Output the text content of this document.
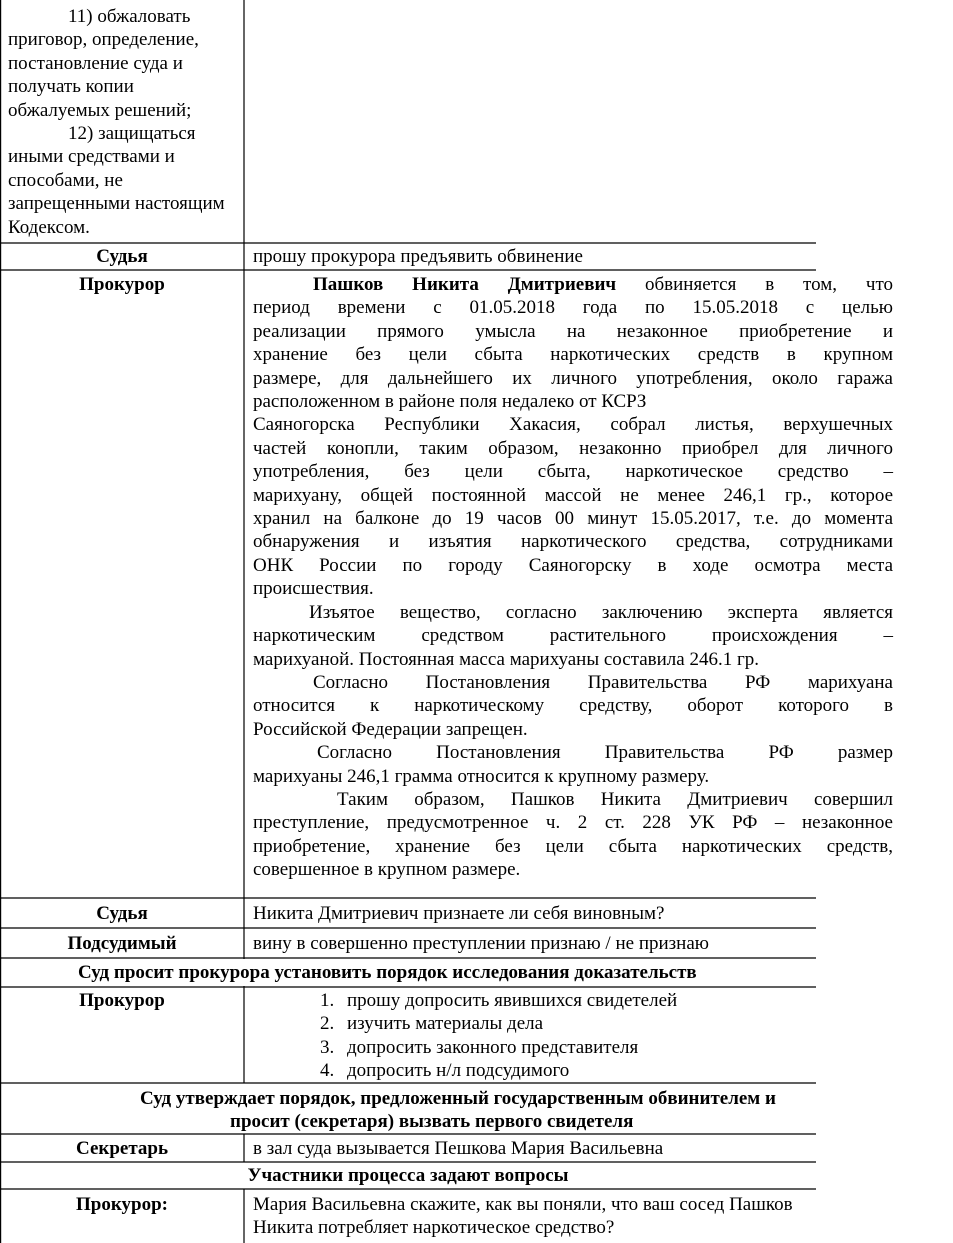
11) обжаловать приговор, определение, постановление суда и получать копии обжалуемых решений;

12) защищаться иными средствами и способами, не запрещенными настоящим Кодексом.

Судья	прошу прокурора предъявить обвинение
Прокурор	Пашков Никита Дмитриевич обвиняется в том, что
период времени с 01.05.2018 года по 15.05.2018 с целью
реализации прямого умысла на незаконное приобретение и
хранение без цели сбыта наркотических средств в крупном
размере, для дальнейшего их личного употребления, около гаража
расположенном в районе поля недалеко от КСРЗ
Саяногорска Республики Хакасия, собрал листья, верхушечных
частей конопли, таким образом, незаконно приобрел для личного
употребления, без цели сбыта, наркотическое средство –
марихуану, общей постоянной массой не менее 246,1 гр., которое
хранил на балконе до 19 часов 00 минут 15.05.2017, т.е. до момента
обнаружения и изъятия наркотического средства, сотрудниками
ОНК России по городу Саяногорску в ходе осмотра места
происшествия.
Изъятое вещество, согласно заключению эксперта является
наркотическим средством растительного происхождения –
марихуаной. Постоянная масса марихуаны составила 246.1 гр.
Согласно Постановления Правительства РФ марихуана
относится к наркотическому средству, оборот которого в
Российской Федерации запрещен.
Согласно Постановления Правительства РФ размер
марихуаны 246,1 грамма относится к крупному размеру.
Таким образом, Пашков Никита Дмитриевич совершил
преступление, предусмотренное ч. 2 ст. 228 УК РФ – незаконное
приобретение, хранение без цели сбыта наркотических средств,
совершенное в крупном размере.
Судья	Никита Дмитриевич признаете ли себя виновным?
Подсудимый	вину в совершенно преступлении признаю / не признаю
Суд просит прокурора установить порядок исследования доказательств
Прокурор
1.	прошу допросить явившихся свидетелей
2. изучить материалы дела
3. допросить законного представителя
4. допросить н/л подсудимого
Суд утверждает порядок, предложенный государственным обвинителем и
просит (секретаря) вызвать первого свидетеля
Секретарь	в зал суда вызывается Пешкова Мария Васильевна
Участники процесса задают вопросы
Прокурор:	Мария Васильевна скажите, как вы поняли, что ваш сосед Пашков
Никита потребляет наркотическое средство?
